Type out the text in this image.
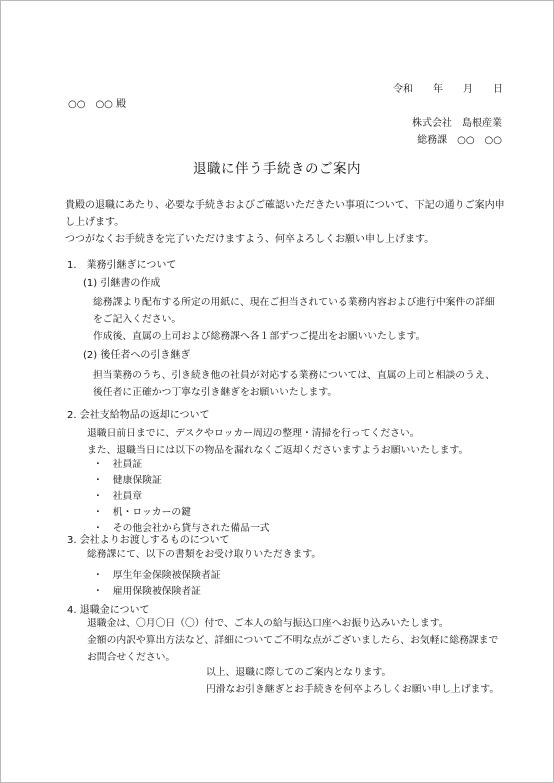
令和 年 月 日
○○　○○ 殿
株式会社　島根産業
総務課　○○　○○
退職に伴う手続きのご案内
貴殿の退職にあたり、必要な手続きおよびご確認いただきたい事項について、下記の通りご案内申し上げます。
つつがなくお手続きを完了いただけますよう、何卒よろしくお願い申し上げます。
1.　業務引継ぎについて
(1) 引継書の作成
総務課より配布する所定の用紙に、現在ご担当されている業務内容および進行中案件の詳細
をご記入ください。
作成後、直属の上司および総務課へ各１部ずつご提出をお願いいたします。
(2) 後任者への引き継ぎ
担当業務のうち、引き続き他の社員が対応する業務については、直属の上司と相談のうえ、
後任者に正確かつ丁寧な引き継ぎをお願いいたします。
2. 会社支給物品の返却について
退職日前日までに、デスクやロッカー周辺の整理・清掃を行ってください。
また、退職当日には以下の物品を漏れなくご返却くださいますようお願いいたします。
・ 社員証
・ 健康保険証
・ 社員章
・ 机・ロッカーの鍵
・ その他会社から貸与された備品一式
3. 会社よりお渡しするものについて
総務課にて、以下の書類をお受け取りいただきます。
・ 厚生年金保険被保険者証
・ 雇用保険被保険者証
4. 退職金について
退職金は、〇月〇日（〇）付で、ご本人の給与振込口座へお振り込みいたします。
金額の内訳や算出方法など、詳細についてご不明な点がございましたら、お気軽に総務課まで
お問合せください。
以上、退職に際してのご案内となります。
円滑なお引き継ぎとお手続きを何卒よろしくお願い申し上げます。
